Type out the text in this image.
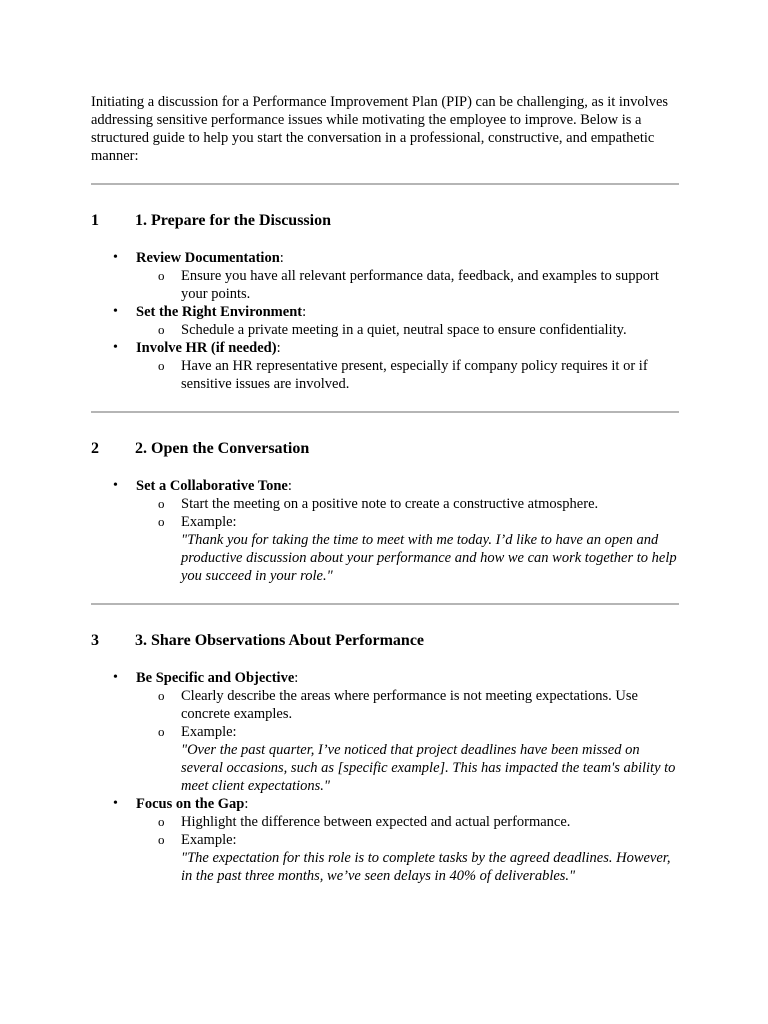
Initiating a discussion for a Performance Improvement Plan (PIP) can be challenging, as it involves addressing sensitive performance issues while motivating the employee to improve. Below is a structured guide to help you start the conversation in a professional, constructive, and empathetic manner:

1	1. Prepare for the Discussion
• Review Documentation:
o Ensure you have all relevant performance data, feedback, and examples to support your points.
• Set the Right Environment:
o Schedule a private meeting in a quiet, neutral space to ensure confidentiality.
• Involve HR (if needed):
o Have an HR representative present, especially if company policy requires it or if sensitive issues are involved.
2	2. Open the Conversation
• Set a Collaborative Tone:
o Start the meeting on a positive note to create a constructive atmosphere.
o Example:
"Thank you for taking the time to meet with me today. I’d like to have an open and productive discussion about your performance and how we can work together to help you succeed in your role."
3	3. Share Observations About Performance
• Be Specific and Objective:
o Clearly describe the areas where performance is not meeting expectations. Use concrete examples.
o Example:
"Over the past quarter, I’ve noticed that project deadlines have been missed on several occasions, such as [specific example]. This has impacted the team's ability to meet client expectations."
• Focus on the Gap:
o Highlight the difference between expected and actual performance.
o Example:
"The expectation for this role is to complete tasks by the agreed deadlines. However, in the past three months, we’ve seen delays in 40% of deliverables."
